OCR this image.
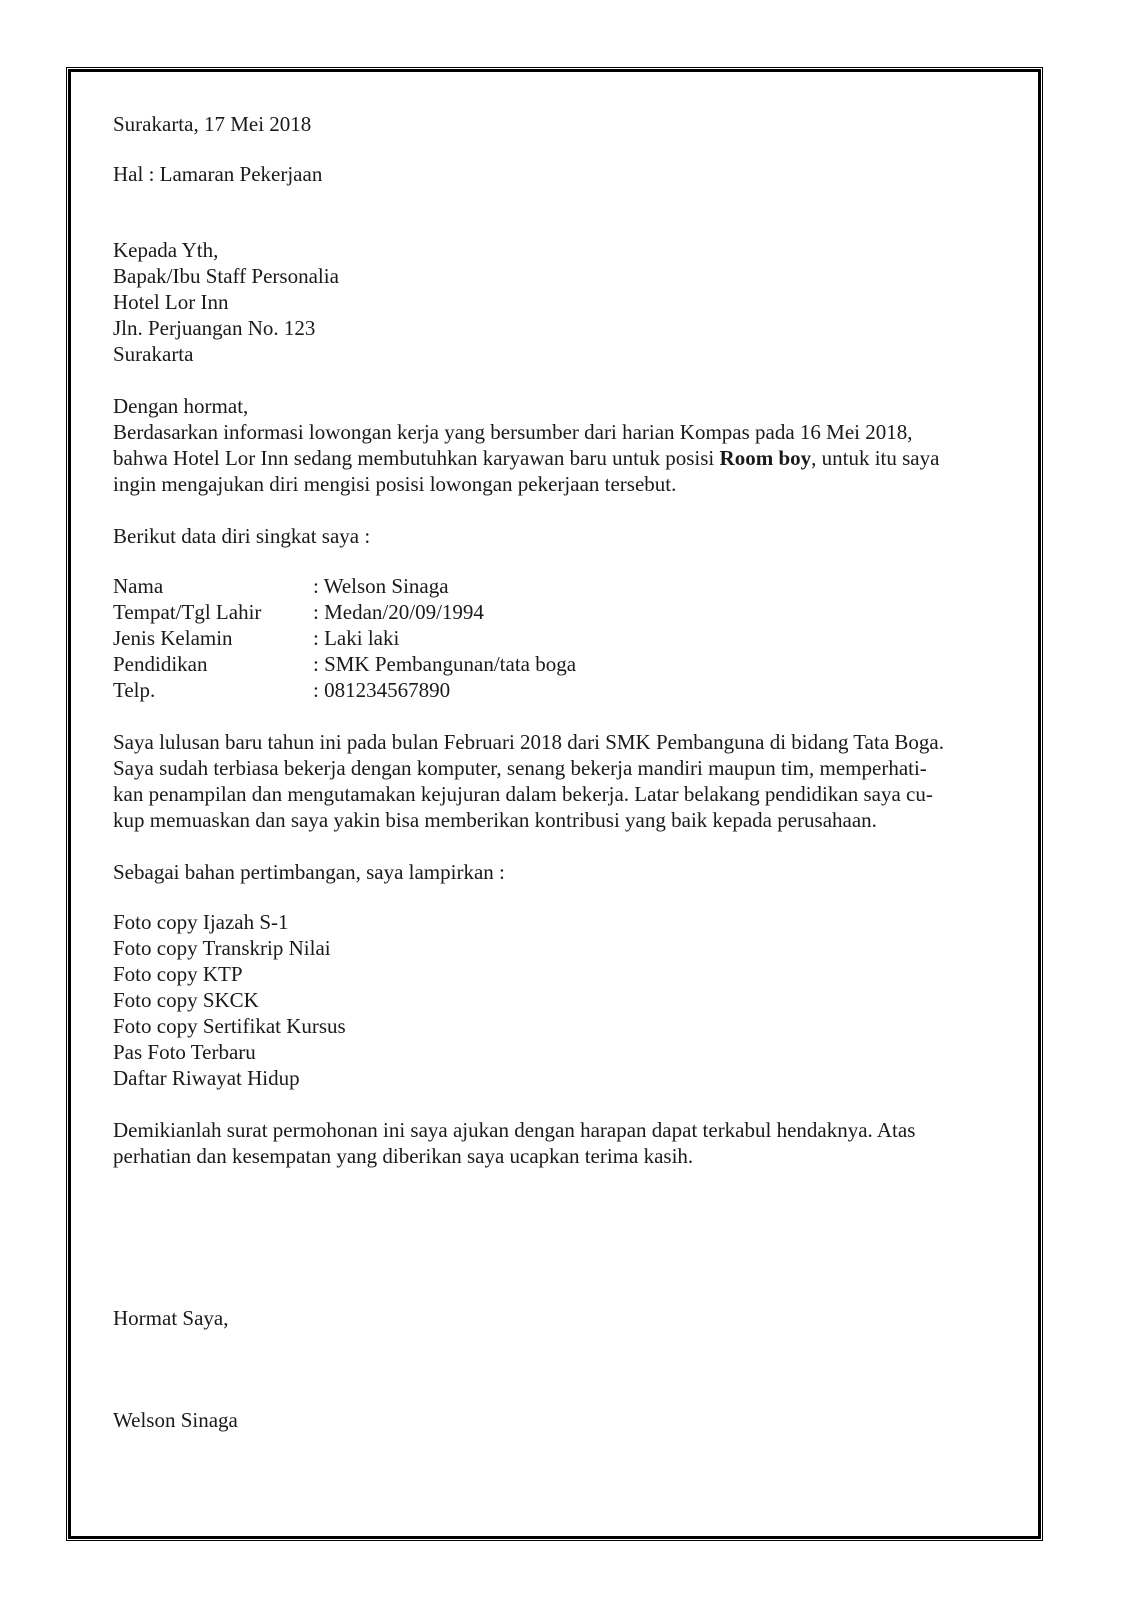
Surakarta, 17 Mei 2018
Hal : Lamaran Pekerjaan
Kepada Yth,
Bapak/Ibu Staff Personalia
Hotel Lor Inn
Jln. Perjuangan No. 123
Surakarta
Dengan hormat,
Berdasarkan informasi lowongan kerja yang bersumber dari harian Kompas pada 16 Mei 2018,
bahwa Hotel Lor Inn sedang membutuhkan karyawan baru untuk posisi Room boy, untuk itu saya
ingin mengajukan diri mengisi posisi lowongan pekerjaan tersebut.
Berikut data diri singkat saya :
Nama	: Welson Sinaga
Tempat/Tgl Lahir	: Medan/20/09/1994
Jenis Kelamin	: Laki laki
Pendidikan	: SMK Pembangunan/tata boga
Telp.	: 081234567890
Saya lulusan baru tahun ini pada bulan Februari 2018 dari SMK Pembanguna di bidang Tata Boga.
Saya sudah terbiasa bekerja dengan komputer, senang bekerja mandiri maupun tim, memperhati-
kan penampilan dan mengutamakan kejujuran dalam bekerja. Latar belakang pendidikan saya cu-
kup memuaskan dan saya yakin bisa memberikan kontribusi yang baik kepada perusahaan.
Sebagai bahan pertimbangan, saya lampirkan :
Foto copy Ijazah S-1
Foto copy Transkrip Nilai
Foto copy KTP
Foto copy SKCK
Foto copy Sertifikat Kursus
Pas Foto Terbaru
Daftar Riwayat Hidup
Demikianlah surat permohonan ini saya ajukan dengan harapan dapat terkabul hendaknya. Atas
perhatian dan kesempatan yang diberikan saya ucapkan terima kasih.
Hormat Saya,
Welson Sinaga
